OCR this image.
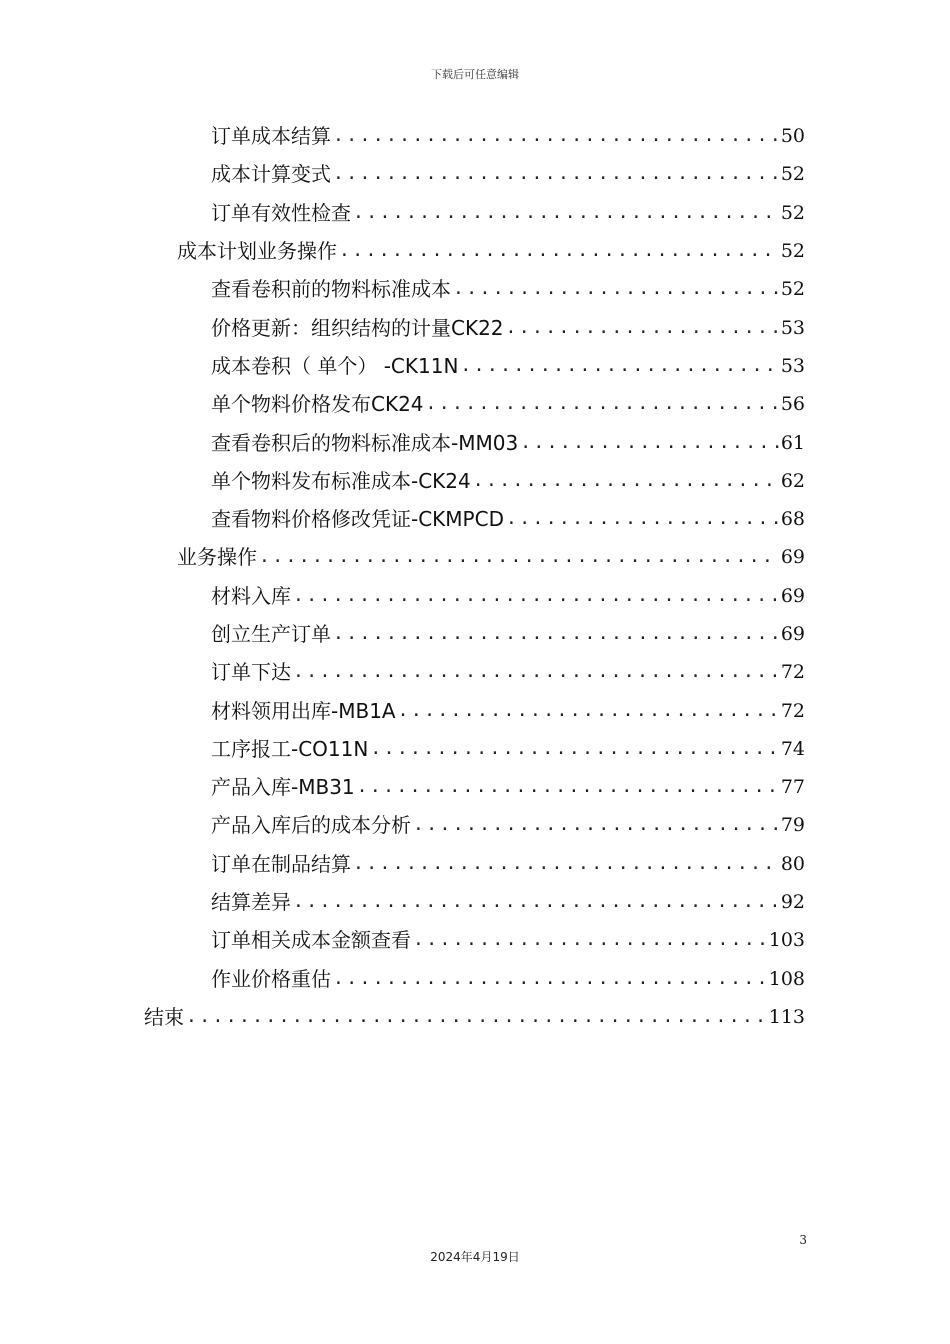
下载后可任意编辑
订单成本结算 .....	50
成本计算变式 .....	52
订单有效性检查 .....	52
成本计划业务操作 .....	52
查看卷积前的物料标准成本 .....	52
价格更新：组织结构的计量CK22 .....	53
成本卷积（ 单个） -CK11N .....	53
单个物料价格发布CK24 .....	56
查看卷积后的物料标准成本-MM03 .....	61
单个物料发布标准成本-CK24 .....	62
查看物料价格修改凭证-CKMPCD .....	68
业务操作 .....	69
材料入库 .....	69
创立生产订单 .....	69
订单下达 .....	72
材料领用出库-MB1A .....	72
工序报工-CO11N .....	74
产品入库-MB31 .....	77
产品入库后的成本分析 .....	79
订单在制品结算 .....	80
结算差异 .....	92
订单相关成本金额查看 .....	103
作业价格重估 .....	108
结束 .....	113
3
2024年4月19日
